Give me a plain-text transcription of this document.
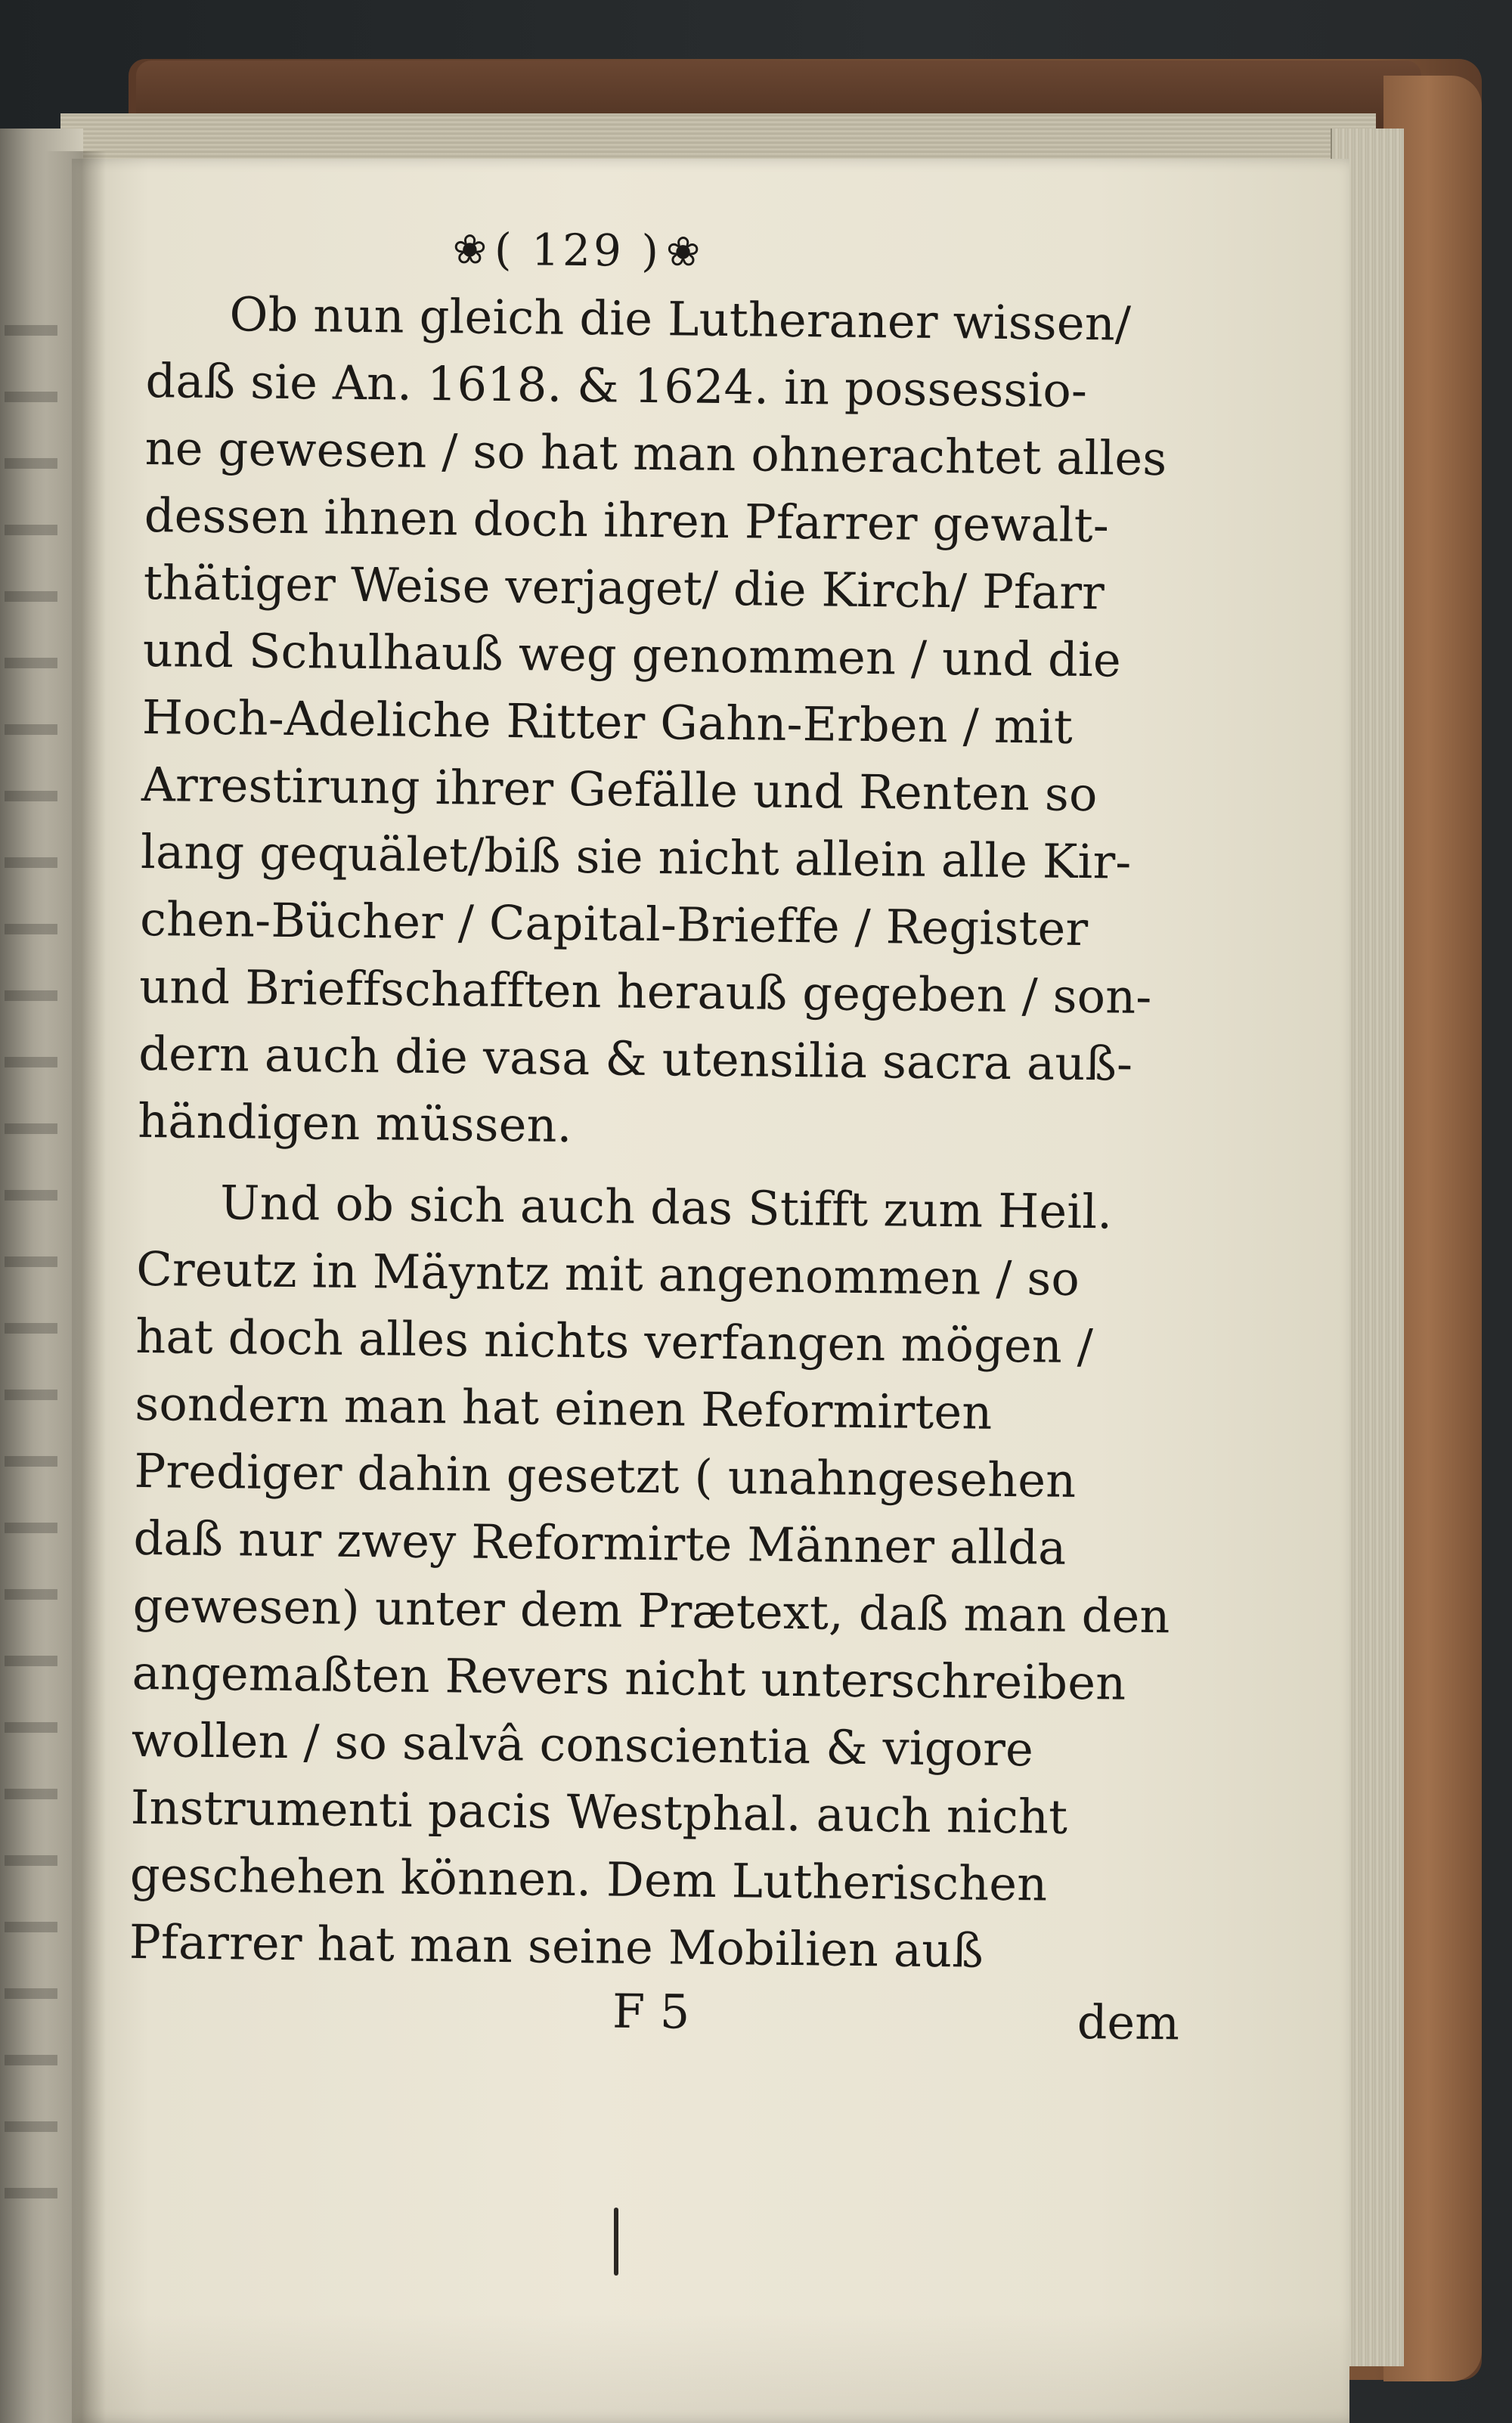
❀ ( 129 ) ❀
Ob nun gleich die Lutheraner wissen/
daß sie An. 1618. & 1624. in possessio-
ne gewesen / so hat man ohnerachtet alles
dessen ihnen doch ihren Pfarrer gewalt-
thätiger Weise verjaget/ die Kirch/ Pfarr
und Schulhauß weg genommen / und die
Hoch-Adeliche Ritter Gahn-Erben / mit
Arrestirung ihrer Gefälle und Renten so
lang gequälet/biß sie nicht allein alle Kir-
chen-Bücher / Capital-Brieffe / Register
und Brieffschafften herauß gegeben / son-
dern auch die vasa & utensilia sacra auß-
händigen müssen.
Und ob sich auch das Stifft zum Heil.
Creutz in Mäyntz mit angenommen / so
hat doch alles nichts verfangen mögen /
sondern man hat einen Reformirten
Prediger dahin gesetzt ( unahngesehen
daß nur zwey Reformirte Männer allda
gewesen) unter dem Prætext, daß man den
angemaßten Revers nicht unterschreiben
wollen / so salvâ conscientia & vigore
Instrumenti pacis Westphal. auch nicht
geschehen können. Dem Lutherischen
Pfarrer hat man seine Mobilien auß
F 5	dem
